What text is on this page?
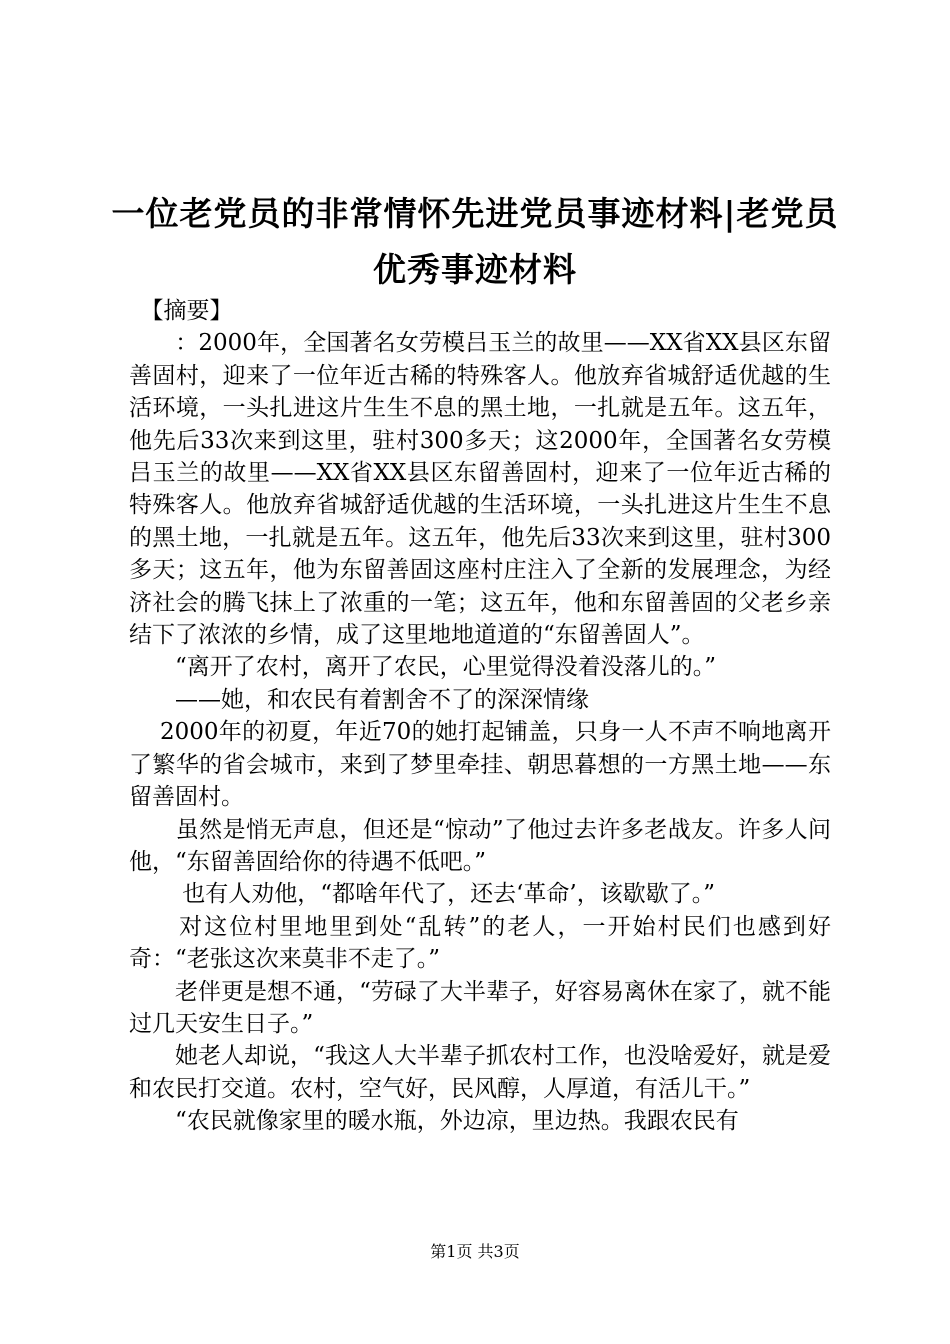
一位老党员的非常情怀先进党员事迹材料|老党员优秀事迹材料

　【摘要】

　　：2000年，全国著名女劳模吕玉兰的故里——XX省XX县区东留善固村，迎来了一位年近古稀的特殊客人。他放弃省城舒适优越的生活环境，一头扎进这片生生不息的黑土地，一扎就是五年。这五年，他先后33次来到这里，驻村300多天；这2000年，全国著名女劳模吕玉兰的故里——XX省XX县区东留善固村，迎来了一位年近古稀的特殊客人。他放弃省城舒适优越的生活环境，一头扎进这片生生不息的黑土地，一扎就是五年。这五年，他先后33次来到这里，驻村300多天；这五年，他为东留善固这座村庄注入了全新的发展理念，为经济社会的腾飞抹上了浓重的一笔；这五年，他和东留善固的父老乡亲结下了浓浓的乡情，成了这里地地道道的“东留善固人”。

　　“离开了农村，离开了农民，心里觉得没着没落儿的。”

　　——她，和农民有着割舍不了的深深情缘

　 2000年的初夏，年近70的她打起铺盖，只身一人不声不响地离开了繁华的省会城市，来到了梦里牵挂、朝思暮想的一方黑土地——东留善固村。

　　虽然是悄无声息，但还是“惊动”了他过去许多老战友。许多人问他，“东留善固给你的待遇不低吧。”

　　 也有人劝他，“都啥年代了，还去‘革命’，该歇歇了。”

　　对这位村里地里到处“乱转”的老人，一开始村民们也感到好奇：“老张这次来莫非不走了。”

　　老伴更是想不通，“劳碌了大半辈子，好容易离休在家了，就不能过几天安生日子。”

　　她老人却说，“我这人大半辈子抓农村工作，也没啥爱好，就是爱和农民打交道。农村，空气好，民风醇，人厚道，有活儿干。”

　　“农民就像家里的暖水瓶，外边凉，里边热。我跟农民有

第1页 共3页
